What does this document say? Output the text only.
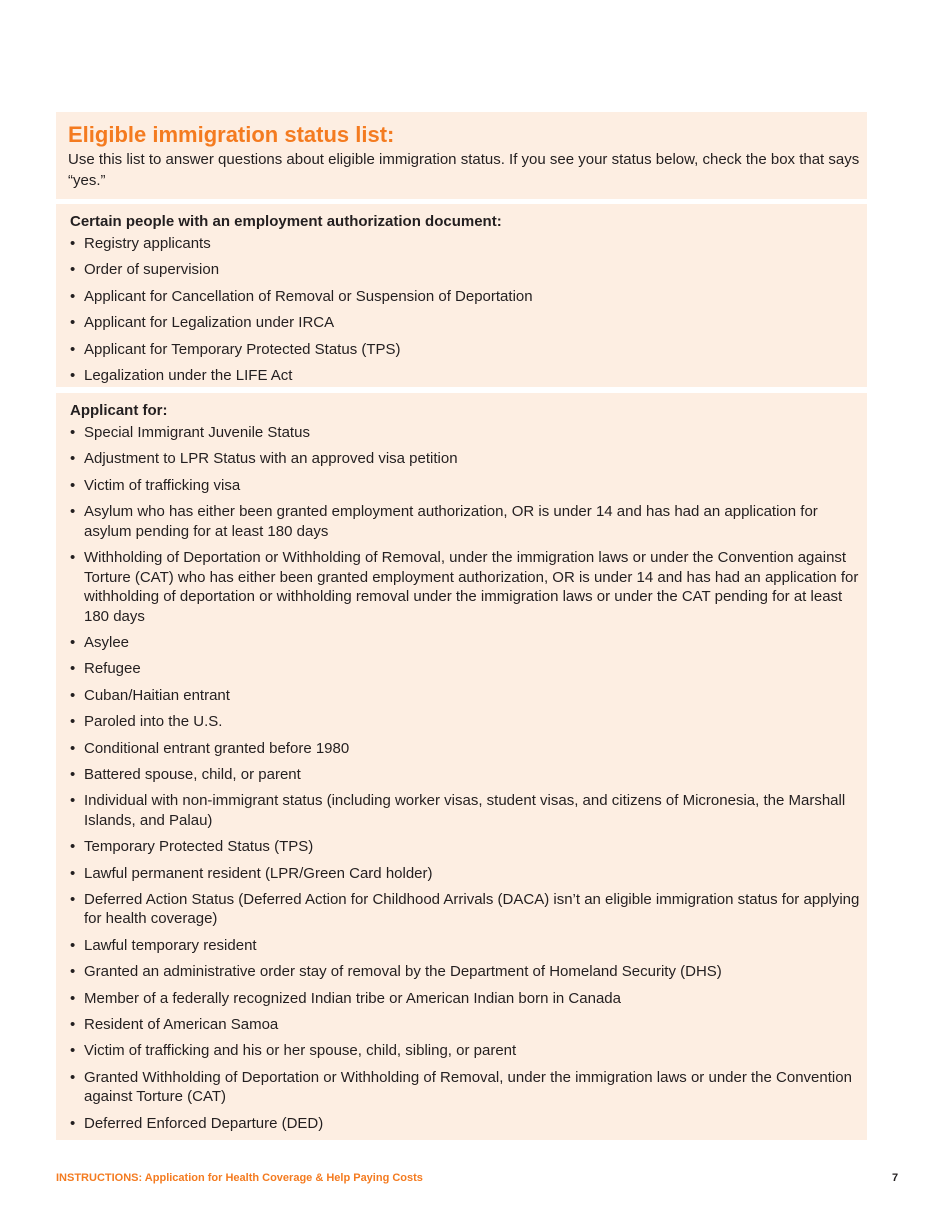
Eligible immigration status list:

Use this list to answer questions about eligible immigration status. If you see your status below, check the box that says “yes.”

Certain people with an employment authorization document:

• Registry applicants
• Order of supervision
• Applicant for Cancellation of Removal or Suspension of Deportation
• Applicant for Legalization under IRCA
• Applicant for Temporary Protected Status (TPS)
• Legalization under the LIFE Act

Applicant for:

• Special Immigrant Juvenile Status
• Adjustment to LPR Status with an approved visa petition
• Victim of trafficking visa
• Asylum who has either been granted employment authorization, OR is under 14 and has had an application for asylum pending for at least 180 days
• Withholding of Deportation or Withholding of Removal, under the immigration laws or under the Convention against Torture (CAT) who has either been granted employment authorization, OR is under 14 and has had an application for withholding of deportation or withholding removal under the immigration laws or under the CAT pending for at least 180 days
• Asylee
• Refugee
• Cuban/Haitian entrant
• Paroled into the U.S.
• Conditional entrant granted before 1980
• Battered spouse, child, or parent
• Individual with non-immigrant status (including worker visas, student visas, and citizens of Micronesia, the Marshall Islands, and Palau)
• Temporary Protected Status (TPS)
• Lawful permanent resident (LPR/Green Card holder)
• Deferred Action Status (Deferred Action for Childhood Arrivals (DACA) isn’t an eligible immigration status for applying for health coverage)
• Lawful temporary resident
• Granted an administrative order stay of removal by the Department of Homeland Security (DHS)
• Member of a federally recognized Indian tribe or American Indian born in Canada
• Resident of American Samoa
• Victim of trafficking and his or her spouse, child, sibling, or parent
• Granted Withholding of Deportation or Withholding of Removal, under the immigration laws or under the Convention against Torture (CAT)
• Deferred Enforced Departure (DED)
INSTRUCTIONS: Application for Health Coverage & Help Paying Costs	7
